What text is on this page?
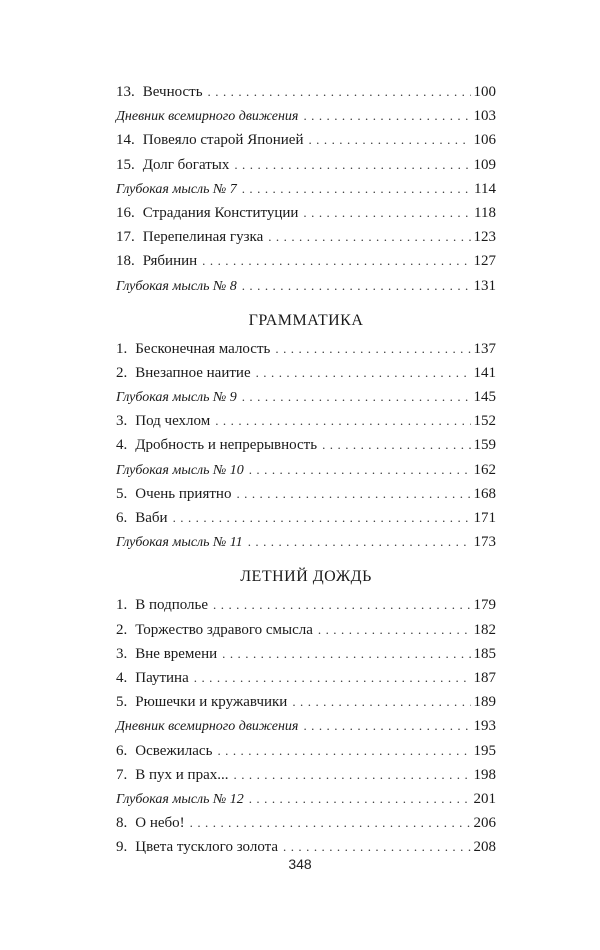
13. Вечность . . .	100
Дневник всемирного движения . . .	103
14. Повеяло старой Японией . . .	106
15. Долг богатых . . .	109
Глубокая мысль № 7 . . .	114
16. Страдания Конституции . . .	118
17. Перепелиная гузка . . .	123
18. Рябинин . . .	127
Глубокая мысль № 8 . . .	131
ГРАММАТИКА
1. Бесконечная малость . . .	137
2. Внезапное наитие . . .	141
Глубокая мысль № 9 . . .	145
3. Под чехлом . . .	152
4. Дробность и непрерывность . . .	159
Глубокая мысль № 10 . . .	162
5. Очень приятно . . .	168
6. Ваби . . .	171
Глубокая мысль № 11 . . .	173
ЛЕТНИЙ ДОЖДЬ
1. В подполье . . .	179
2. Торжество здравого смысла . . .	182
3. Вне времени . . .	185
4. Паутина . . .	187
5. Рюшечки и кружавчики . . .	189
Дневник всемирного движения . . .	193
6. Освежилась . . .	195
7. В пух и прах... . . .	198
Глубокая мысль № 12 . . .	201
8. О небо! . . .	206
9. Цвета тусклого золота . . .	208
348
